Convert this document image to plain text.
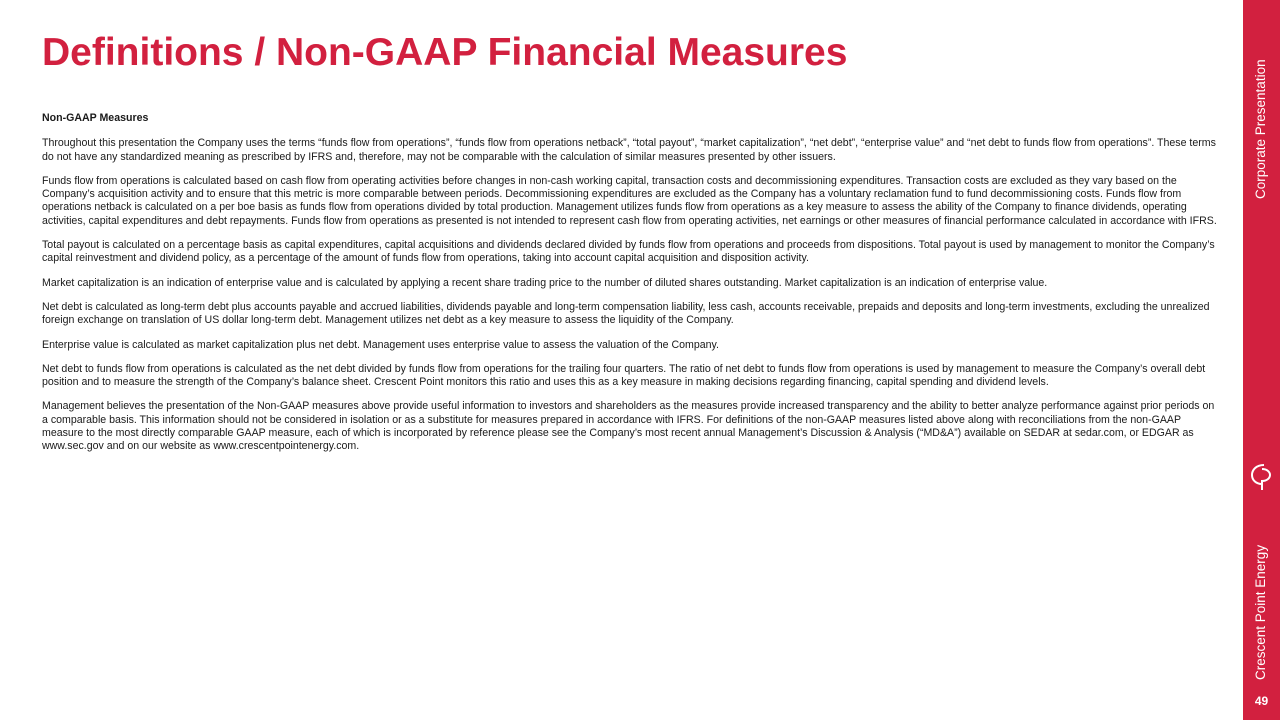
Definitions / Non-GAAP Financial Measures
Non-GAAP Measures

Throughout this presentation the Company uses the terms “funds flow from operations”, “funds flow from operations netback”, “total payout”, “market capitalization”, “net debt”, “enterprise value” and “net debt to funds flow from operations”. These terms do not have any standardized meaning as prescribed by IFRS and, therefore, may not be comparable with the calculation of similar measures presented by other issuers.

Funds flow from operations is calculated based on cash flow from operating activities before changes in non-cash working capital, transaction costs and decommissioning expenditures. Transaction costs are excluded as they vary based on the Company’s acquisition activity and to ensure that this metric is more comparable between periods. Decommissioning expenditures are excluded as the Company has a voluntary reclamation fund to fund decommissioning costs. Funds flow from operations netback is calculated on a per boe basis as funds flow from operations divided by total production. Management utilizes funds flow from operations as a key measure to assess the ability of the Company to finance dividends, operating activities, capital expenditures and debt repayments. Funds flow from operations as presented is not intended to represent cash flow from operating activities, net earnings or other measures of financial performance calculated in accordance with IFRS.

Total payout is calculated on a percentage basis as capital expenditures, capital acquisitions and dividends declared divided by funds flow from operations and proceeds from dispositions. Total payout is used by management to monitor the Company’s capital reinvestment and dividend policy, as a percentage of the amount of funds flow from operations, taking into account capital acquisition and disposition activity.

Market capitalization is an indication of enterprise value and is calculated by applying a recent share trading price to the number of diluted shares outstanding. Market capitalization is an indication of enterprise value.

Net debt is calculated as long-term debt plus accounts payable and accrued liabilities, dividends payable and long-term compensation liability, less cash, accounts receivable, prepaids and deposits and long-term investments, excluding the unrealized foreign exchange on translation of US dollar long-term debt. Management utilizes net debt as a key measure to assess the liquidity of the Company.

Enterprise value is calculated as market capitalization plus net debt. Management uses enterprise value to assess the valuation of the Company.

Net debt to funds flow from operations is calculated as the net debt divided by funds flow from operations for the trailing four quarters. The ratio of net debt to funds flow from operations is used by management to measure the Company’s overall debt position and to measure the strength of the Company’s balance sheet. Crescent Point monitors this ratio and uses this as a key measure in making decisions regarding financing, capital spending and dividend levels.

Management believes the presentation of the Non-GAAP measures above provide useful information to investors and shareholders as the measures provide increased transparency and the ability to better analyze performance against prior periods on a comparable basis. This information should not be considered in isolation or as a substitute for measures prepared in accordance with IFRS. For definitions of the non-GAAP measures listed above along with reconciliations from the non-GAAP measure to the most directly comparable GAAP measure, each of which is incorporated by reference please see the Company’s most recent annual Management’s Discussion & Analysis (“MD&A”) available on SEDAR at sedar.com, or EDGAR as www.sec.gov and on our website as www.crescentpointenergy.com.

Corporate Presentation
Crescent Point Energy
49
